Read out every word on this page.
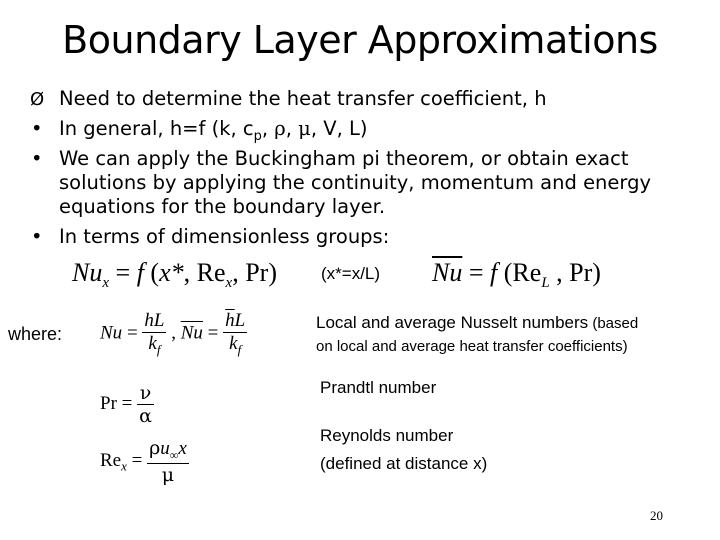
Boundary Layer Approximations
Ø Need to determine the heat transfer coefficient, h
• In general, h=f (k, $c_p$, ρ, μ, V, L)
• We can apply the Buckingham pi theorem, or obtain exact
solutions by applying the continuity, momentum and energy
equations for the boundary layer.
• In terms of dimensionless groups:
$Nu_x = f$ (x*, $Re_x$, Pr)	(x*=x/L) $\overline{Nu} = f$ ($Re_L$ , Pr)
where: $Nu = \frac{hL}{k_f}$ , $\overline{Nu} = \frac{\overline{h}L}{k_f}$	Local and average Nusselt numbers (based
on local and average heat transfer coefficients)
$Pr = \frac{\nu}{\alpha}$	Prandtl number
$Re_x = \frac{\rho u_\infty x}{\mu}$
Reynolds number
(defined at distance x)
20
